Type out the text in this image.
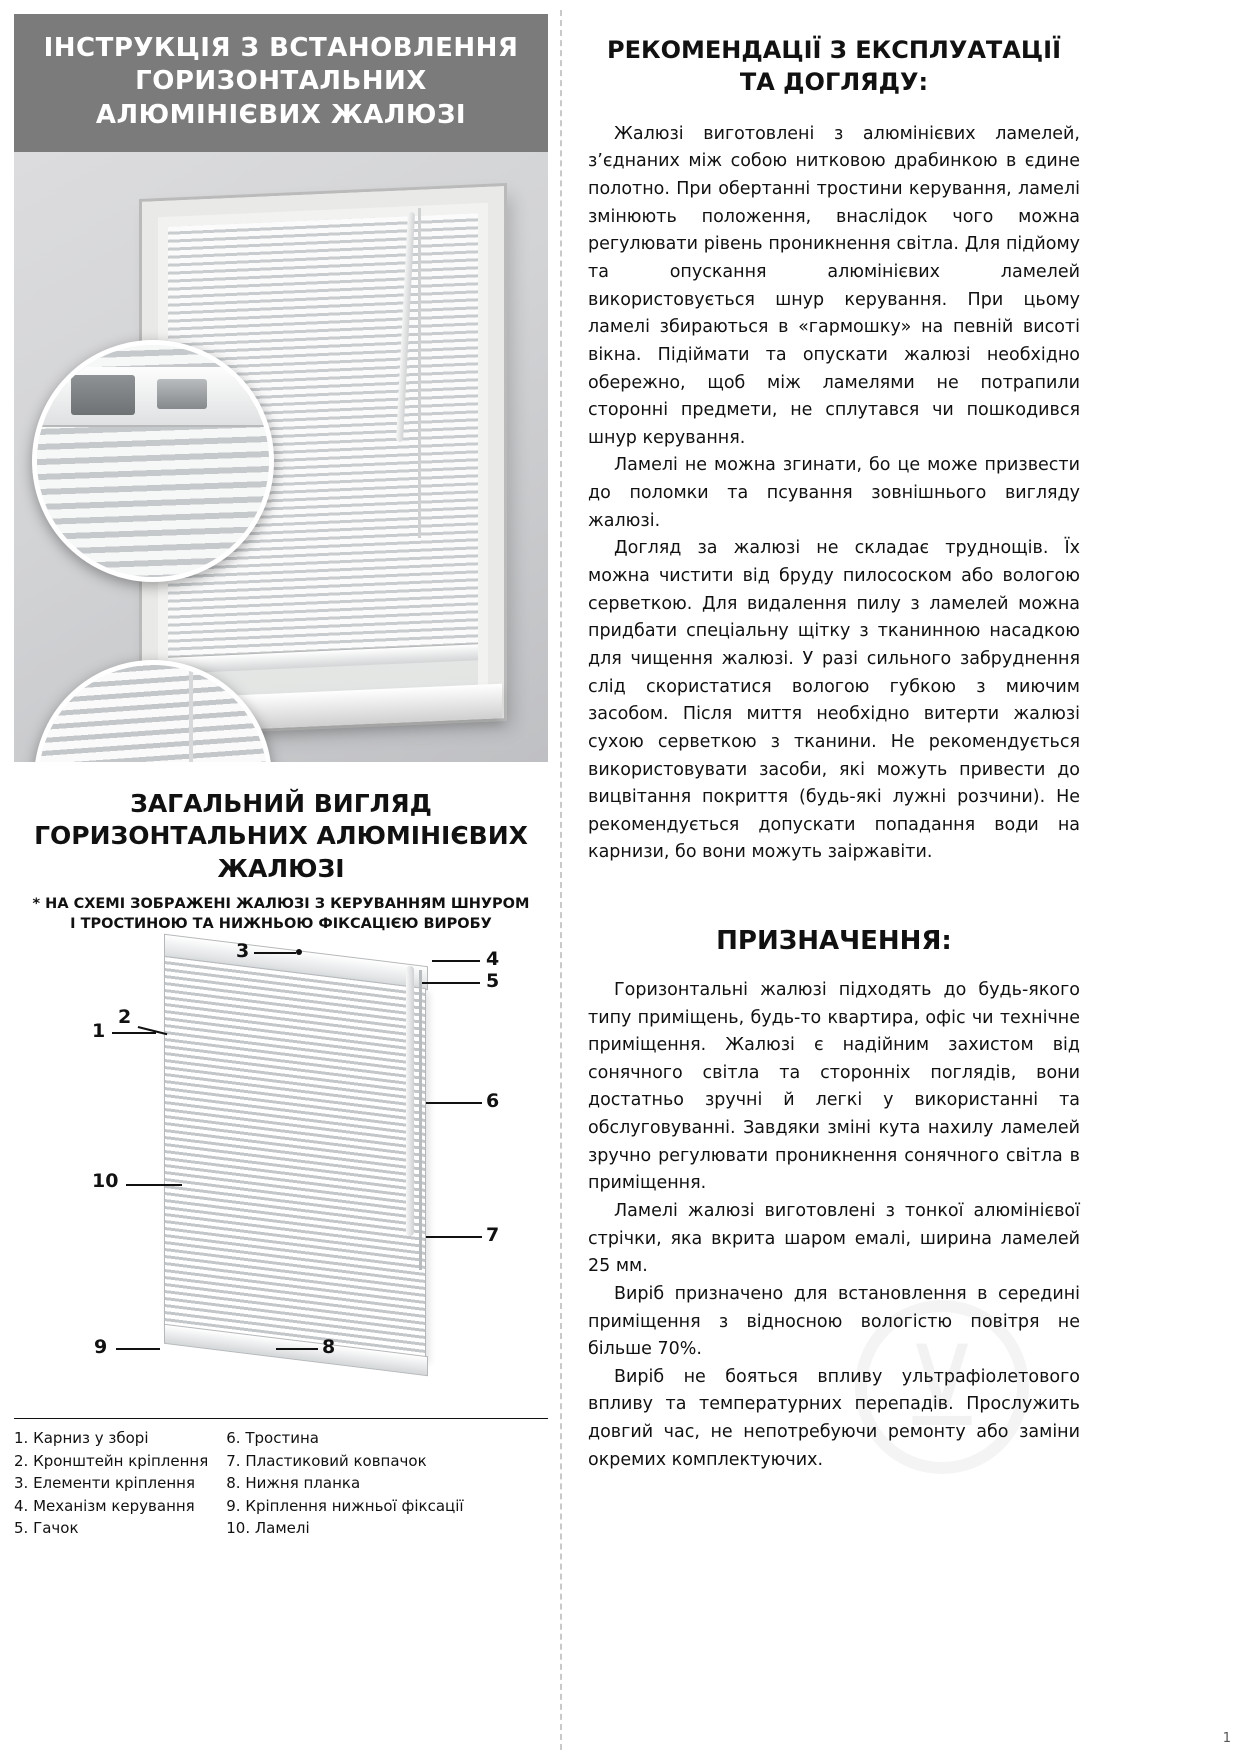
⊻
ІНСТРУКЦІЯ З ВСТАНОВЛЕННЯ ГОРИЗОНТАЛЬНИХ АЛЮМІНІЄВИХ ЖАЛЮЗІ
ЗАГАЛЬНИЙ ВИГЛЯД ГОРИЗОНТАЛЬНИХ АЛЮМІНІЄВИХ ЖАЛЮЗІ
* НА СХЕМІ ЗОБРАЖЕНІ ЖАЛЮЗІ З КЕРУВАННЯМ ШНУРОМ І ТРОСТИНОЮ ТА НИЖНЬОЮ ФІКСАЦІЄЮ ВИРОБУ
3	4
5
1
2
6
7
10
9	8
1. Карниз у зборі
2. Кронштейн кріплення
3. Елементи кріплення
4. Механізм керування
5. Гачок
6. Тростина
7. Пластиковий ковпачок
8. Нижня планка
9. Кріплення нижньої фіксації
10. Ламелі
РЕКОМЕНДАЦІЇ З ЕКСПЛУАТАЦІЇ ТА ДОГЛЯДУ:

Жалюзі виготовлені з алюмінієвих ламелей, з’єднаних між собою нитковою драбинкою в єдине полотно. При обертанні тростини керування, ламелі змінюють положення, внаслідок чого можна регулювати рівень проникнення світла. Для підйому та опускання алюмінієвих ламелей використовується шнур керування. При цьому ламелі збираються в «гармошку» на певній висоті вікна. Підіймати та опускати жалюзі необхідно обережно, щоб між ламелями не потрапили сторонні предмети, не сплутався чи пошкодився шнур керування.

Ламелі не можна згинати, бо це може призвести до поломки та псування зовнішнього вигляду жалюзі.

Догляд за жалюзі не складає труднощів. Їх можна чистити від бруду пилососком або вологою серветкою. Для видалення пилу з ламелей можна придбати спеціальну щітку з тканинною насадкою для чищення жалюзі. У разі сильного забруднення слід скористатися вологою губкою з миючим засобом. Після миття необхідно витерти жалюзі сухою серветкою з тканини. Не рекомендується використовувати засоби, які можуть привести до вицвітання покриття (будь-які лужні розчини). Не рекомендується допускати попадання води на карнизи, бо вони можуть заіржавіти.

ПРИЗНАЧЕННЯ:

Горизонтальні жалюзі підходять до будь-якого типу приміщень, будь-то квартира, офіс чи технічне приміщення. Жалюзі є надійним захистом від сонячного світла та сторонніх поглядів, вони достатньо зручні й легкі у використанні та обслуговуванні. Завдяки зміні кута нахилу ламелей зручно регулювати проникнення сонячного світла в приміщення.

Ламелі жалюзі виготовлені з тонкої алюмінієвої стрічки, яка вкрита шаром емалі, ширина ламелей 25 мм.

Виріб призначено для встановлення в середині приміщення з відносною вологістю повітря не більше 70%.

Виріб не бояться впливу ультрафіолетового впливу та температурних перепадів. Прослужить довгий час, не непотребуючи ремонту або заміни окремих комплектуючих.

1
